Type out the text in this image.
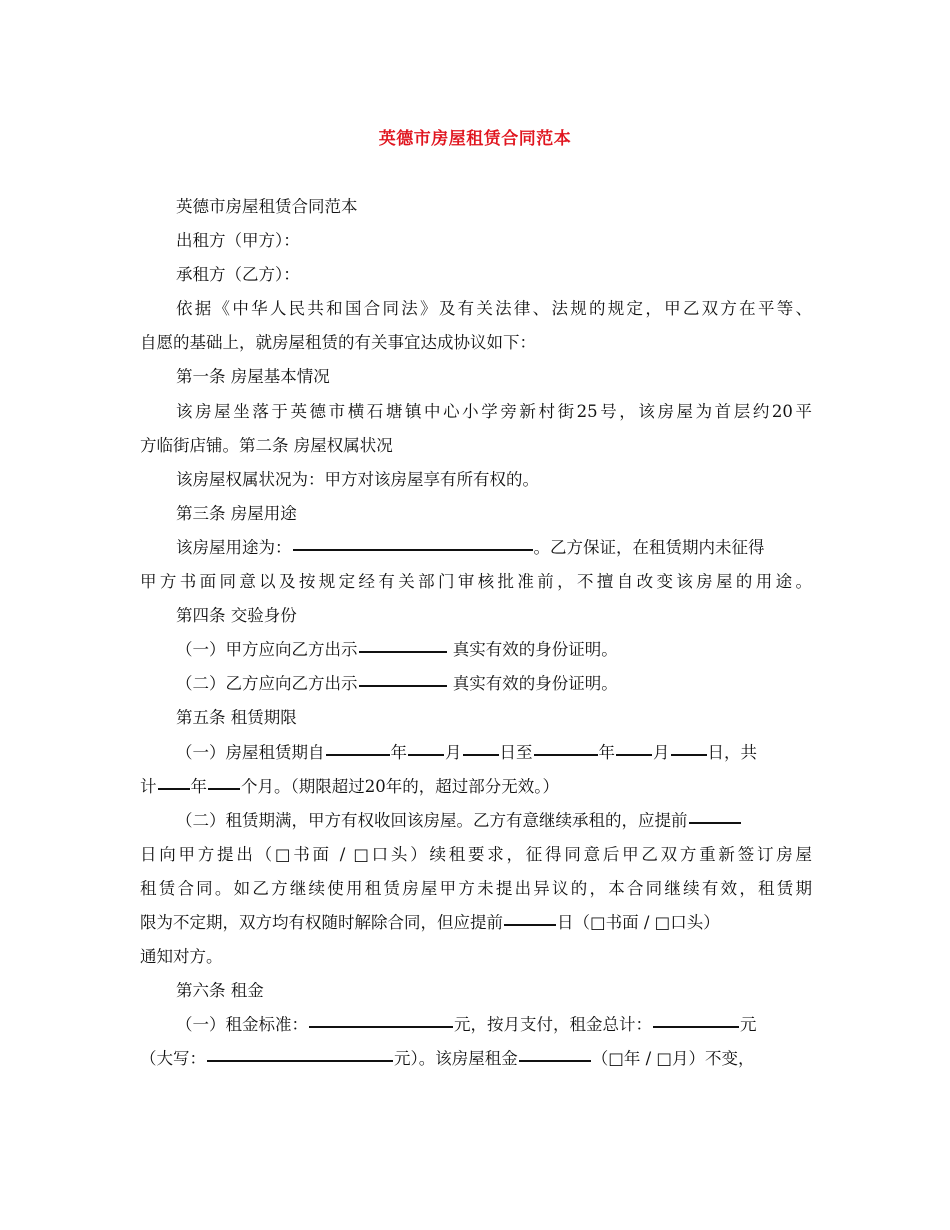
英德市房屋租赁合同范本
英德市房屋租赁合同范本
出租方（甲方）：
承租方（乙方）：
依据《中华人民共和国合同法》及有关法律、法规的规定，甲乙双方在平等、
自愿的基础上，就房屋租赁的有关事宜达成协议如下：
第一条 房屋基本情况
该房屋坐落于英德市横石塘镇中心小学旁新村街25号，该房屋为首层约20平
方临街店铺。第二条 房屋权属状况
该房屋权属状况为：甲方对该房屋享有所有权的。
第三条 房屋用途
该房屋用途为：	。乙方保证，在租赁期内未征得
甲方书面同意以及按规定经有关部门审核批准前，不擅自改变该房屋的用途。
第四条 交验身份
（一）甲方应向乙方出示	真实有效的身份证明。
（二）乙方应向乙方出示	真实有效的身份证明。
第五条 租赁期限
（一）房屋租赁期自	年 月 日至	年 月 日，共
计 年 个月。（期限超过20年的，超过部分无效。）
（二）租赁期满，甲方有权收回该房屋。乙方有意继续承租的，应提前
日向甲方提出（□书面 / □口头）续租要求，征得同意后甲乙双方重新签订房屋
租赁合同。如乙方继续使用租赁房屋甲方未提出异议的，本合同继续有效，租赁期
限为不定期，双方均有权随时解除合同，但应提前	日（□书面 / □口头）
通知对方。
第六条 租金
（一）租金标准：	元，按月支付，租金总计：	元
（大写：	元）。该房屋租金	（□年 / □月）不变，
